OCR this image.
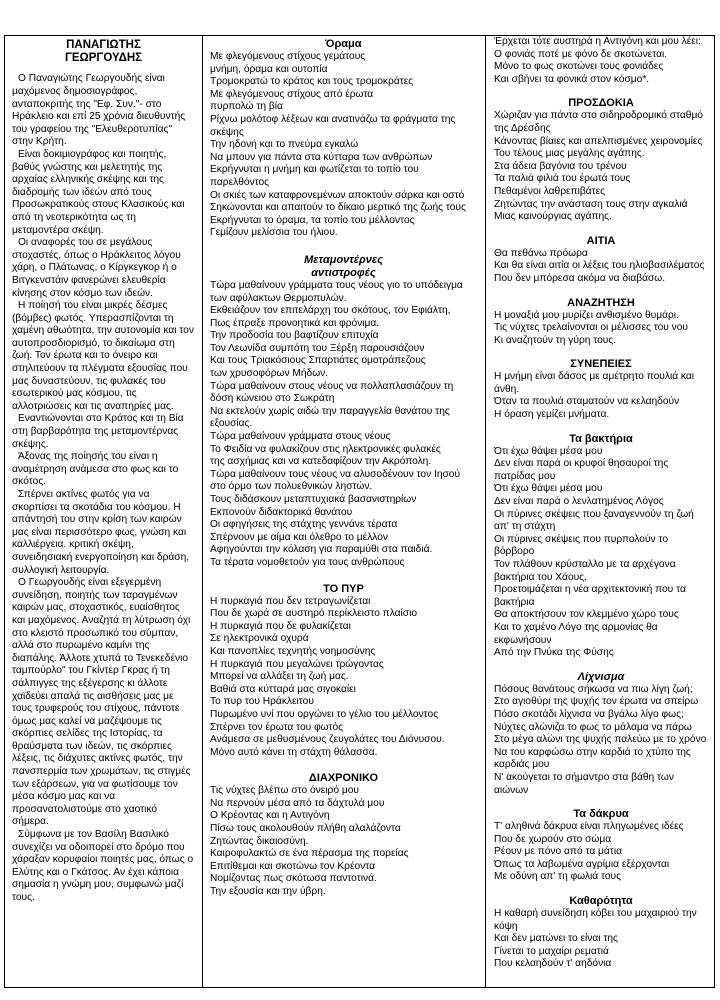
ΠΑΝΑΓΙΩΤΗΣ
ΓΕΩΡΓΟΥΔΗΣ

Ο Παναγιώτης Γεωργουδής είναι μαχόμενος δημοσιογράφος, ανταποκριτής της "Εφ. Συν."- στο Ηράκλειο και επί 25 χρόνια διευθυντής του γραφείου της "Ελευθεροτυπίας" στην Κρήτη.

Είναι δοκιμιογράφος και ποιητής, βαθύς γνώστης και μελετητής της αρχαίας ελληνικής σκέψης και της διαδρομής των ιδεών από τους Προσωκρατικούς στους Κλασικούς και από τη νεοτερικότητα ως τη μεταμοντέρα σκέψη.

Οι αναφορές του σε μεγάλους στοχαστές, όπως ο Ηράκλειτος λόγου χάρη, ο Πλάτωνας, ο Κίργκεγκορ ή ο Βιτγκενστάιν φανερώνει ελευθερία κίνησης στον κόσμο των ιδεών.

Η ποίησή του είναι μικρές δέσμες (βόμβες) φωτός. Υπερασπίζονται τη χαμένη αθωότητα, την αυτονομία και τον αυτοπροσδιορισμό, το δικαίωμα στη ζωή. Τον έρωτα και το όνειρο και στηλιτεύουν τα πλέγματα εξουσίας που μας δυναστεύουν, τις φυλακές του εσωτερικού μας κόσμου, τις αλλοτριώσεις και τις αναπηρίες μας.

Εναντιώνονται στο Κράτος και τη Βία στη βαρβαρότητα της μεταμοντέρνας σκέψης.

Άξονας της ποίησής του είναι η αναμέτρηση ανάμεσα στο φως και το σκότος.

Σπέρνει ακτίνες φωτός για να σκορπίσει τα σκοτάδια του κόσμου. Η απάντησή του στην κρίση των καιρών μας είναι περισσότερο φως, γνώση και καλλιέργεια. κριτική σκέψη, συνειδησιακή ενεργοποίηση και δράση, συλλογική λειτουργία.

Ο Γεωργουδής είναι εξεγερμένη συνείδηση, ποιητής των ταραγμένων καιρών μας, στοχαστικός, ευαίσθητος και μαχόμενος. Αναζητά τη λύτρωση όχι στο κλειστό προσωπικό του σύμπαν, αλλά στο πυρωμένο καμίνι της διαπάλης. Άλλοτε χτυπά το Τενεκεδένιο ταμπούρλο" του Γκίντερ Γκρας ή τη σάλπιγγες της εξέγερσης κι άλλοτε χαϊδεύει απαλά τις αισθήσεις μας με τους τρυφερούς του στίχους, πάντοτε όμως μας καλεί να μαζέψουμε τις σκόρπιες σελίδες της Ιστορίας, τα θραύσματα των ιδεών, τις σκόρπιες λέξεις, τις διάχυτες ακτίνες φωτός, την πανσπερμία των χρωμάτων, τις στιγμές των εξάρσεων, για να φωτίσουμε τον μέσα κόσμο μας και να προσανατολιστούμε στο χαοτικό σήμερα.

Σύμφωνα με τον Βασίλη Βασιλικό συνεχίζει να οδοιπορεί στο δρόμο που χάραξαν κορυφαίοι ποιητές μας, όπως ο Ελύτης και ο Γκάτσος. Αν έχει κάποια σημασία η γνώμη μου, συμφωνώ μαζί τους.

Όραμα

Με φλεγόμενους στίχους γεμάτους

μνήμη, όραμα και ουτοπία

Τρομοκρατώ το κράτος και τους τρομοκράτες

Με φλεγόμενους στίχους από έρωτα

πυρπολώ τη βία

Ρίχνω μολότοφ λέξεων και ανατινάζω τα φράγματα της σκέψης

Την ηδονή και το πνεύμα εγκαλώ

Να μπουν για πάντα στα κύτταρα των ανθρώπων

Εκρήγνυται η μνήμη και φωτίζεται το τοπίο του παρελθόντος

Οι σκιές των καταφρονεμένων αποκτούν σάρκα και οστό

Σηκώνονται και απαιτούν το δίκαιο μερτικό της ζωής τους

Εκρήγνυται το όραμα, τα τοπίο του μέλλοντος

Γεμίζουν μελίσσια του ήλιου.

Μεταμοντέρνες
αντιστροφές

Τώρα μαθαίνουν γράμματα τους νέους γιο το υπόδειγμα των αφύλακτων Θερμοπυλών.

Εκθειάζουν τον επιτελάρχη του σκότους, τον Εφιάλτη,

Πως έπραξε προνοητικά και φρόνιμα.

Την προδοσία του βαφτίζουν επιτυχία

Τον Λεωνίδα συμπότη του Ξέρξη παρουσιάζουν

Και τους Τριακόσιους Σπαρτιάτες ομοτράπεζους

των χρυσοφόρων Μήδων.

Τώρα μαθαίνουν στους νέους να πολλαπλασιάζουν τη δόση κώνειου στο Σωκράτη

Να εκτελούν χωρίς αιδώ την παραγγελία θανάτου της εξουσίας.

Τώρα μαθαίνουν γράμματα στους νέους

Το Φειδία να φυλακίζουν στις ηλεκτρονικές φυλακές

της ασχήμιας και να κατεδαφίζουν την Ακρόπολη.

Τώρα μαθαίνουν τους νέους να αλυσοδένουν τον Ιησού στο όρμο των πολυεθνικών ληστών.

Τους διδάσκουν μεταπτυχιακά βασανιστηρίων

Εκπονούν διδακτορικά θανάτου

Οι αφηγήσεις της στάχτης γεννάνε τέρατα

Σπέρνουν με αίμα και όλεθρο το μέλλον

Αφηγούνται την κόλαση για παραμύθι στα παιδιά.

Τα τέρατα νομοθετούν για τους ανθρώπους

ΤΟ ΠΥΡ

Η πυρκαγιά που δεν τετραγωνίζεται

Που δε χωρά σε αυστηρό περίκλειστο πλαίσιο

Η πυρκαγιά που δε φυλακίζεται

Σε ηλεκτρονικά οχυρά

Και πανοπλίες τεχνητής νοημοσύνης

Η πυρκαγιά που μεγαλώνει τρώγοντας

Μπορεί να αλλάξει τη ζωή μας.

Βαθιά στα κύτταρά μας σιγοκαίει

Το πυρ του Ηράκλειτου

Πυρωμένο υνί που οργώνει το γέλιο του μέλλοντος

Σπέρνει τον έρωτα του φωτός

Ανάμεσα σε μεθυσμένους ζευγολάτες του Διόνυσου.

Μόνο αυτό κάνει τη στάχτη θάλασσα.

ΔΙΑΧΡΟΝΙΚΟ

Τις νύχτες βλέπω στο όνειρό μου

Να περνούν μέσα από τα δάχτυλά μου

Ο Κρέοντας και η Αντιγόνη

Πίσω τους ακολουθούν πλήθη αλαλάζοντα

Ζητώντας δικαιοσύνη.

Καιροφυλακτώ σε ένα πέρασμα της πορείας

Επιτίθεμαι και σκοτώνω τον Κρέοντα

Νομίζοντας πως σκότωσα παντοτινά.

Την εξουσία και την ύβρη.

Έρχεται τότε αυστηρά η Αντιγόνη και μου λέει:

Ο φονιάς ποτέ με φόνο δε σκοτώνεται.

Μόνο το φως σκοτώνει τους φονιάδες

Και σβήνει τα φονικά στον κόσμο*.

ΠΡΟΣΔΟΚΙΑ

Χώριζαν για πάντα στο σιδηροδρομικό σταθμό της Δρέσδης

Κάνοντας βίαιες και απελπισμένες χειρονομίες

Του τέλους μιας μεγάλης αγάπης.

Στα άδεια βαγόνια του τρένου

Τα παλιά φιλιά του έρωτά τους

Πεθαμένοι λαθρεπιβάτες

Ζητώντας την ανάσταση τους στην αγκαλιά

Μιας καινούργιας αγάπης.

ΑΙΤΙΑ

Θα πεθάνω πρόωρα

Και θα είναι αιτία οι λέξεις του ηλιοβασιλέματος

Που δεν μπόρεσα ακόμα να διαβάσω.

ΑΝΑΖΗΤΗΣΗ

Η μοναξιά μου μυρίζει ανθισμένο θυμάρι.

Τις νύχτες τρελαίνονται οι μέλισσες του νου

Κι αναζητούν τη γύρη τους.

ΣΥΝΕΠΕΙΕΣ

Η μνήμη είναι δάσος με αμέτρητο πουλιά και άνθη.

Όταν τα πουλιά σταματούν να κελαηδούν

Η όραση γεμίζει μνήματα.

Τα βακτήρια

Ότι έχω θάψει μέσα μου

Δεν είναι παρά οι κρυφοί θησαυροί της πατρίδας μου

Ότι έχω θάψει μέσα μου

Δεν είναι παρά ο λενλατημένος Λόγος

Οι πύρινες σκέψεις που ξαναγεννούν τη ζωή απ' τη στάχτη

Οι πύρινες σκέψεις που πυρπολούν το βόρβορο

Τον πλάθουν κρύσταλλο με τα αρχέγονα βακτήρια του Χάους.

Προετοιμάζεται η νέα αρχιτεκτονική που τα βακτήρια

Θα αποκτήσουν τον κλεμμένο χώρο τους

Και το χαμένο Λόγο της αρμονίας θα εκφωνήσουν

Από την Πνύκα της Φύσης

Λίχνισμα

Πόσους θανάτους σήκωσα να πιω λίγη ζωή;

Στο αγιοθύρι της ψυχής τον έρωτα να σπείρω

Πόσο σκοτάδι λίχνισα να βγάλω λίγο φως;

Νύχτες αλώνιζα το φως το μάλαμα να πάρω

Στο μέγα αλώνι της ψυχής παλεύω με το χρόνο

Να του καρφώσω στην καρδιά το χτύπο της καρδιάς μου

Ν' ακούγεται το σήμαντρο στα βάθη των αιώνων

Τα δάκρυα

Τ' αληθινά δάκρυα είναι πληγωμένες ιδέες

Που δε χωρούν στο σώμα

Ρέουν με πόνο από τα μάτια

Όπως τα λαβωμένα αγρίμια εξέρχονται

Με οδύνη απ' τη φωλιά τους

Καθαρότητα

Η καθαρή συνείδηση κόβει του μαχαιριού την κόψη

Και δεν ματώνει το είναι της

Γίνεται το μαχαίρι ρεματιά

Που κελαηδούν τ' αηδόνια
